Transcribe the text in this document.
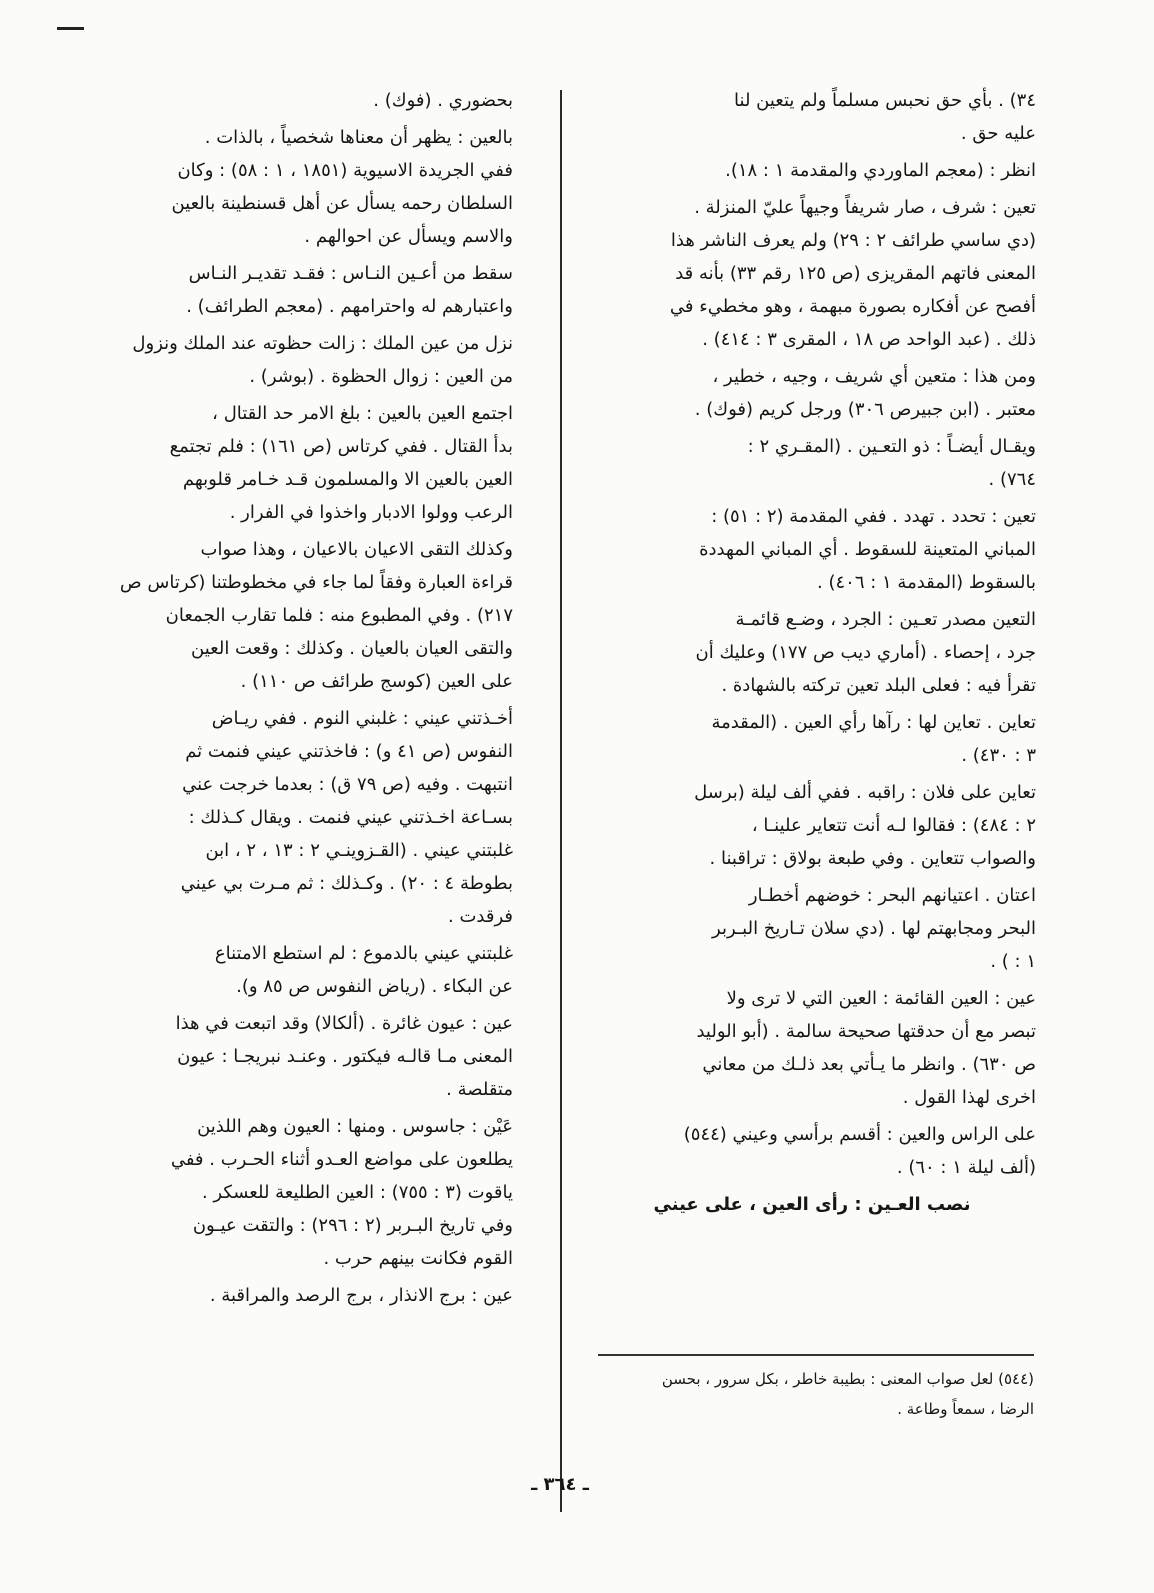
٣٤) . بأي حق نحبس مسلماً ولم يتعين لنا
عليه حق .

انظر : (معجم الماوردي والمقدمة ١ : ١٨).

تعين : شرف ، صار شريفاً وجيهاً عليّ المنزلة .
(دي ساسي طرائف ٢ : ٢٩) ولم يعرف الناشر هذا
المعنى فاتهم المقريزى (ص ١٢٥ رقم ٣٣) بأنه قد
أفصح عن أفكاره بصورة مبهمة ، وهو مخطيء في
ذلك . (عبد الواحد ص ١٨ ، المقرى ٣ : ٤١٤) .

ومن هذا : متعين أي شريف ، وجيه ، خطير ،
معتبر . (ابن جبيرص ٣٠٦) ورجل كريم (فوك) .

ويقـال أيضـاً : ذو التعـين . (المقـري ٢ :
٧٦٤) .

تعين : تحدد . تهدد . ففي المقدمة (٢ : ٥١) :
المباني المتعينة للسقوط . أي المباني المهددة
بالسقوط (المقدمة ١ : ٤٠٦) .

التعين مصدر تعـين : الجرد ، وضـع قائمـة
جرد ، إحصاء . (أماري ديب ص ١٧٧) وعليك أن
تقرأ فيه : فعلى البلد تعين تركته بالشهادة .

تعاين . تعاين لها : رآها رأي العين . (المقدمة
٣ : ٤٣٠) .

تعاين على فلان : راقبه . ففي ألف ليلة (برسل
٢ : ٤٨٤) : فقالوا لـه أنت تتعاير علينـا ،
والصواب تتعاين . وفي طبعة بولاق : تراقبنا .

اعتان . اعتيانهم البحر : خوضهم أخطـار
البحر ومجابهتم لها . (دي سلان تـاريخ البـربر
١ : ) .

عين : العين القائمة : العين التي لا ترى ولا
تبصر مع أن حدقتها صحيحة سالمة . (أبو الوليد
ص ٦٣٠) . وانظر ما يـأتي بعد ذلـك من معاني
اخرى لهذا القول .

على الراس والعين : أقسم برأسي وعيني (٥٤٤)
(ألف ليلة ١ : ٦٠) .

نصب العـين : رأى العين ، على عيني

بحضوري . (فوك) .

بالعين : يظهر أن معناها شخصياً ، بالذات .
ففي الجريدة الاسيوية (١٨٥١ ، ١ : ٥٨) : وكان
السلطان رحمه يسأل عن أهل قسنطينة بالعين
والاسم ويسأل عن احوالهم .

سقط من أعـين النـاس : فقـد تقديـر النـاس
واعتبارهم له واحترامهم . (معجم الطرائف) .

نزل من عين الملك : زالت حظوته عند الملك ونزول
من العين : زوال الحظوة . (بوشر) .

اجتمع العين بالعين : بلغ الامر حد القتال ،
بدأ القتال . ففي كرتاس (ص ١٦١) : فلم تجتمع
العين بالعين الا والمسلمون قـد خـامر قلوبهم
الرعب وولوا الادبار واخذوا في الفرار .

وكذلك التقى الاعيان بالاعيان ، وهذا صواب
قراءة العبارة وفقاً لما جاء في مخطوطتنا (كرتاس ص
٢١٧) . وفي المطبوع منه : فلما تقارب الجمعان
والتقى العيان بالعيان . وكذلك : وقعت العين
على العين (كوسج طرائف ص ١١٠) .

أخـذتني عيني : غلبني النوم . ففي ريـاض
النفوس (ص ٤١ و) : فاخذتني عيني فنمت ثم
انتبهت . وفيه (ص ٧٩ ق) : بعدما خرجت عني
بسـاعة اخـذتني عيني فنمت . ويقال كـذلك :
غلبتني عيني . (القـزوينـي ٢ : ١٣ ، ٢ ، ابن
بطوطة ٤ : ٢٠) . وكـذلك : ثم مـرت بي عيني
فرقدت .

غلبتني عيني بالدموع : لم استطع الامتناع
عن البكاء . (رياض النفوس ص ٨٥ و).

عين : عيون غائرة . (ألكالا) وقد اتبعت في هذا
المعنى مـا قالـه فيكتور . وعنـد نبريجـا : عيون
متقلصة .

عَيْن : جاسوس . ومنها : العيون وهم اللذين
يطلعون على مواضع العـدو أثناء الحـرب . ففي
ياقوت (٣ : ٧٥٥) : العين الطليعة للعسكر .
وفي تاريخ البـربر (٢ : ٢٩٦) : والتقت عيـون
القوم فكانت بينهم حرب .

عين : برج الانذار ، برج الرصد والمراقبة .

(٥٤٤) لعل صواب المعنى : بطيبة خاطر ، بكل سرور ، بحسن
الرضا ، سمعاً وطاعة .
ـ ٣٦٤ ـ
